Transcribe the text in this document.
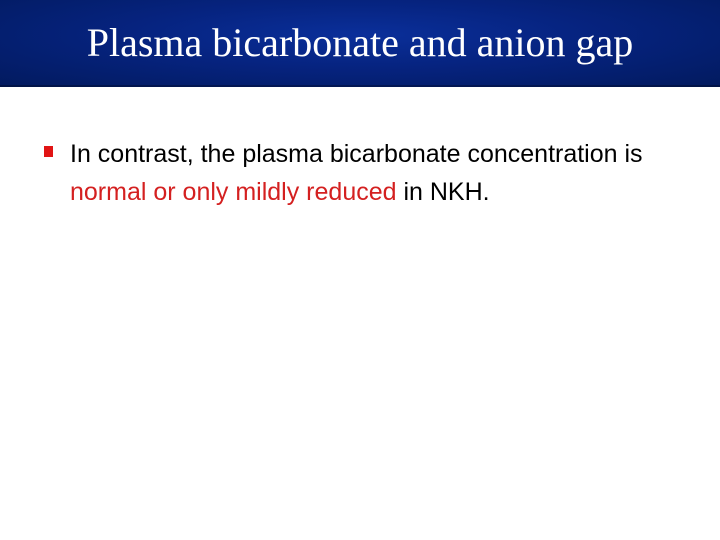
Plasma bicarbonate and anion gap
In contrast, the plasma bicarbonate concentration is normal or only mildly reduced in NKH.
